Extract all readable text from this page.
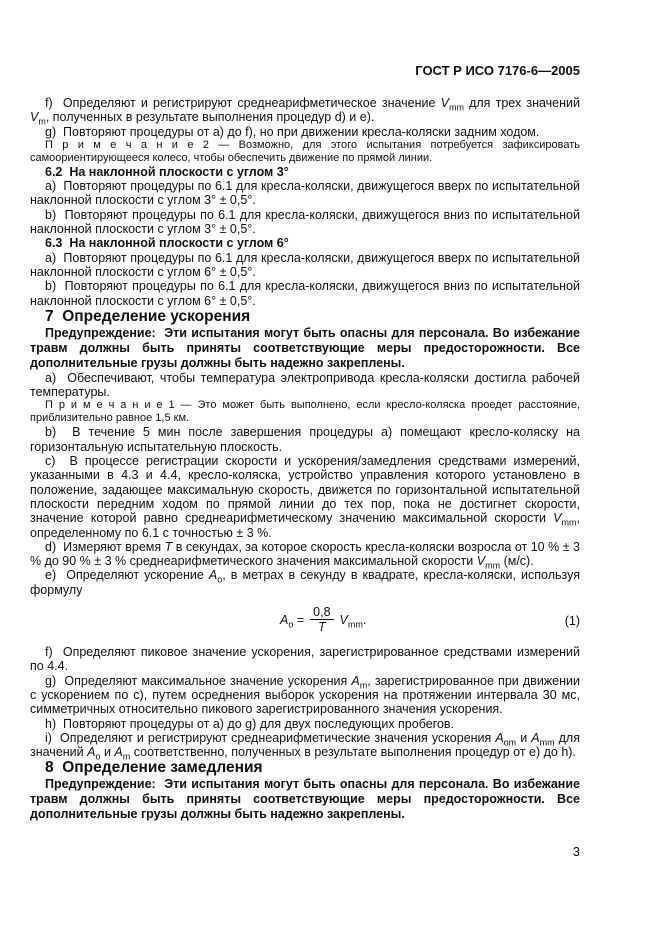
ГОСТ Р ИСО 7176-6—2005

f)  Определяют и регистрируют среднеарифметическое значение $V_{mm}$ для трех значений $V_m$, полученных в результате выполнения процедур d) и e).

g)  Повторяют процедуры от a) до f), но при движении кресла-коляски задним ходом.

П р и м е ч а н и е 2 — Возможно, для этого испытания потребуется зафиксировать самоориентирующееся колесо, чтобы обеспечить движение по прямой линии.

6.2  На наклонной плоскости с углом 3°

a)  Повторяют процедуры по 6.1 для кресла-коляски, движущегося вверх по испытательной наклонной плоскости с углом 3° ± 0,5°.

b)  Повторяют процедуры по 6.1 для кресла-коляски, движущегося вниз по испытательной наклонной плоскости с углом 3° ± 0,5°.

6.3  На наклонной плоскости с углом 6°

a)  Повторяют процедуры по 6.1 для кресла-коляски, движущегося вверх по испытательной наклонной плоскости с углом 6° ± 0,5°.

b)  Повторяют процедуры по 6.1 для кресла-коляски, движущегося вниз по испытательной наклонной плоскости с углом 6° ± 0,5°.

7  Определение ускорения

Предупреждение:  Эти испытания могут быть опасны для персонала. Во избежание травм должны быть приняты соответствующие меры предосторожности. Все дополнительные грузы должны быть надежно закреплены.

a)  Обеспечивают, чтобы температура электропривода кресла-коляски достигла рабочей температуры.

П р и м е ч а н и е 1 — Это может быть выполнено, если кресло-коляска проедет расстояние, приблизительно равное 1,5 км.

b)  В течение 5 мин после завершения процедуры a) помещают кресло-коляску на горизонтальную испытательную плоскость.

c)  В процессе регистрации скорости и ускорения/замедления средствами измерений, указанными в 4.3 и 4.4, кресло-коляска, устройство управления которого установлено в положение, задающее максимальную скорость, движется по горизонтальной испытательной плоскости передним ходом по прямой линии до тех пор, пока не достигнет скорости, значение которой равно среднеарифметическому значению максимальной скорости $V_{mm}$, определенному по 6.1 с точностью ± 3 %.

d)  Измеряют время T в секундах, за которое скорость кресла-коляски возросла от 10 % ± 3 % до 90 % ± 3 % среднеарифметического значения максимальной скорости $V_{mm}$ (м/с).

e)  Определяют ускорение $A_o$, в метрах в секунду в квадрате, кресла-коляски, используя формулу

$A_o = \frac{0,8}{T} V_{mm}$.	(1)

f)  Определяют пиковое значение ускорения, зарегистрированное средствами измерений по 4.4.

g)  Определяют максимальное значение ускорения $A_m$, зарегистрированное при движении с ускорением по c), путем осреднения выборок ускорения на протяжении интервала 30 мс, симметричных относительно пикового зарегистрированного значения ускорения.

h)  Повторяют процедуры от a) до g) для двух последующих пробегов.

i)  Определяют и регистрируют среднеарифметические значения ускорения $A_{om}$ и $A_{mm}$ для значений $A_o$ и $A_m$ соответственно, полученных в результате выполнения процедур от e) до h).

8  Определение замедления

Предупреждение:  Эти испытания могут быть опасны для персонала. Во избежание травм должны быть приняты соответствующие меры предосторожности. Все дополнительные грузы должны быть надежно закреплены.

3
